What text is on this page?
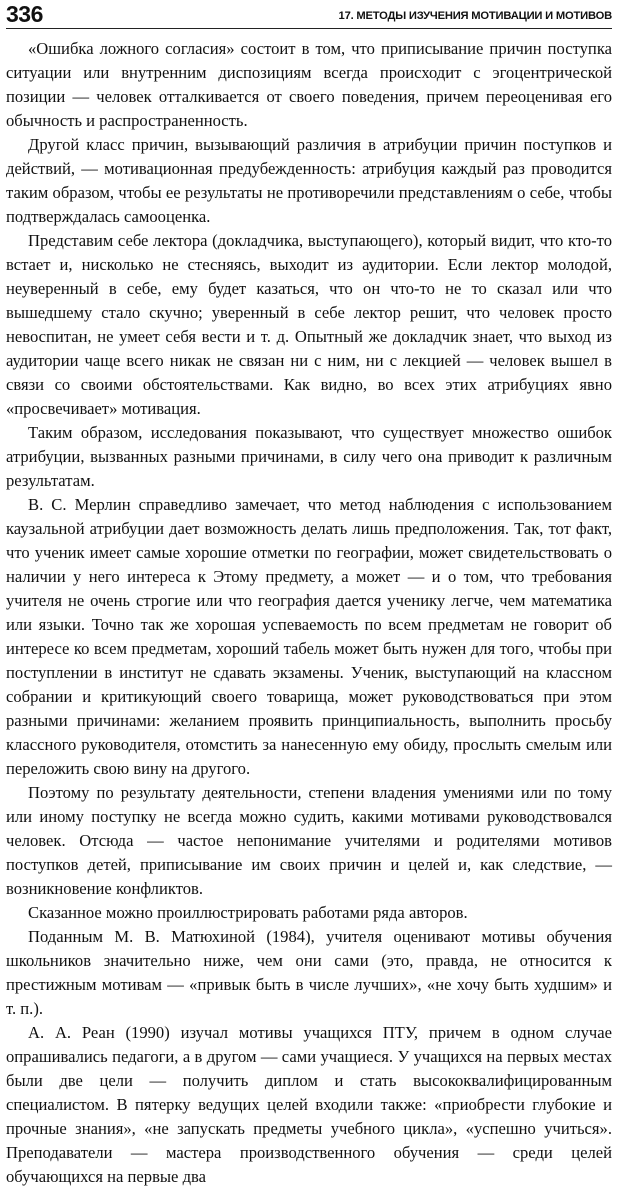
336	17. МЕТОДЫ ИЗУЧЕНИЯ МОТИВАЦИИ И МОТИВОВ

«Ошибка ложного согласия» состоит в том, что приписывание причин поступка ситуации или внутренним диспозициям всегда происходит с эгоцентрической позиции — человек отталкивается от своего поведения, причем переоценивая его обычность и распространенность.

Другой класс причин, вызывающий различия в атрибуции причин поступков и действий, — мотивационная предубежденность: атрибуция каждый раз проводится таким образом, чтобы ее результаты не противоречили представлениям о себе, чтобы подтверждалась самооценка.

Представим себе лектора (докладчика, выступающего), который видит, что кто-то встает и, нисколько не стесняясь, выходит из аудитории. Если лектор молодой, неуверенный в себе, ему будет казаться, что он что-то не то сказал или что вышедшему стало скучно; уверенный в себе лектор решит, что человек просто невоспитан, не умеет себя вести и т. д. Опытный же докладчик знает, что выход из аудитории чаще всего никак не связан ни с ним, ни с лекцией — человек вышел в связи со своими обстоятельствами. Как видно, во всех этих атрибуциях явно «просвечивает» мотивация.

Таким образом, исследования показывают, что существует множество ошибок атрибуции, вызванных разными причинами, в силу чего она приводит к различным результатам.

В. С. Мерлин справедливо замечает, что метод наблюдения с использованием каузальной атрибуции дает возможность делать лишь предположения. Так, тот факт, что ученик имеет самые хорошие отметки по географии, может свидетельствовать о наличии у него интереса к Этому предмету, а может — и о том, что требования учителя не очень строгие или что география дается ученику легче, чем математика или языки. Точно так же хорошая успеваемость по всем предметам не говорит об интересе ко всем предметам, хороший табель может быть нужен для того, чтобы при поступлении в институт не сдавать экзамены. Ученик, выступающий на классном собрании и критикующий своего товарища, может руководствоваться при этом разными причинами: желанием проявить принципиальность, выполнить просьбу классного руководителя, отомстить за нанесенную ему обиду, прослыть смелым или переложить свою вину на другого.

Поэтому по результату деятельности, степени владения умениями или по тому или иному поступку не всегда можно судить, какими мотивами руководствовался человек. Отсюда — частое непонимание учителями и родителями мотивов поступков детей, приписывание им своих причин и целей и, как следствие, — возникновение конфликтов.

Сказанное можно проиллюстрировать работами ряда авторов.

Поданным М. В. Матюхиной (1984), учителя оценивают мотивы обучения школьников значительно ниже, чем они сами (это, правда, не относится к престижным мотивам — «привык быть в числе лучших», «не хочу быть худшим» и т. п.).

А. А. Реан (1990) изучал мотивы учащихся ПТУ, причем в одном случае опрашивались педагоги, а в другом — сами учащиеся. У учащихся на первых местах были две цели — получить диплом и стать высококвалифицированным специалистом. В пятерку ведущих целей входили также: «приобрести глубокие и прочные знания», «не запускать предметы учебного цикла», «успешно учиться». Преподаватели — мастера производственного обучения — среди целей обучающихся на первые два
